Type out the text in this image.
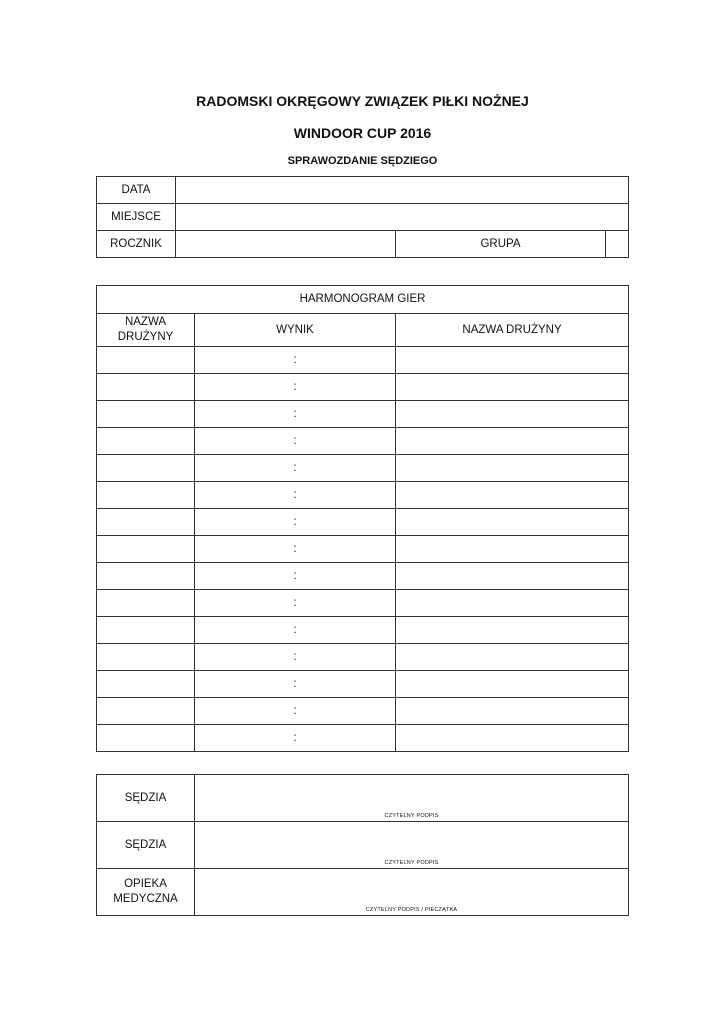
RADOMSKI OKRĘGOWY ZWIĄZEK PIŁKI NOŻNEJ
WINDOOR CUP 2016
SPRAWOZDANIE SĘDZIEGO
DATA			
MIEJSCE			
ROCZNIK		GRUPA	
HARMONOGRAM GIER		
NAZWA DRUŻYNY	WYNIK	NAZWA DRUŻYNY
	:	
	:	
	:	
	:	
	:	
	:	
	:	
	:	
	:	
	:	
	:	
	:	
	:	
	:	
	:	
SĘDZIA	CZYTELNY PODPIS

SĘDZIA	CZYTELNY PODPIS

OPIEKA MEDYCZNA	CZYTELNY PODPIS / PIECZĄTKA
